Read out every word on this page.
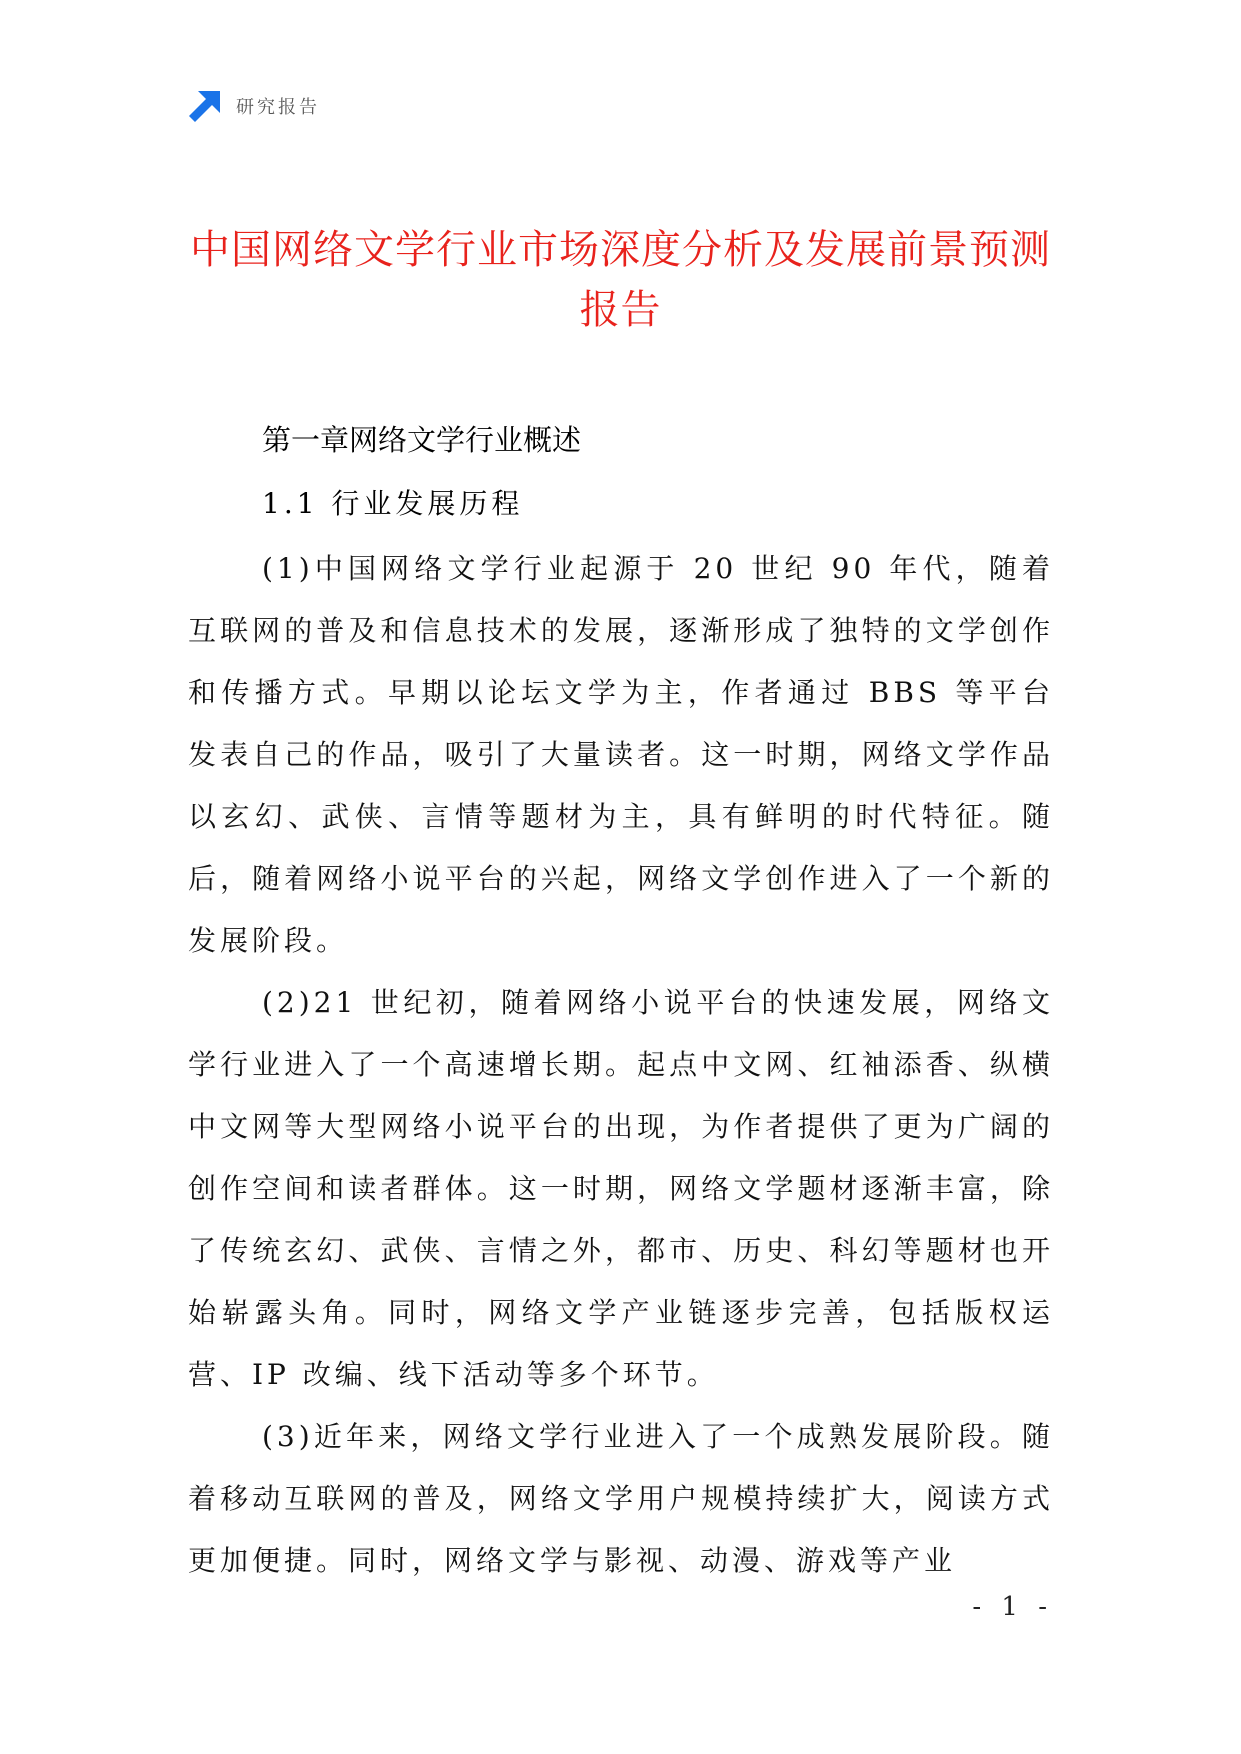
研究报告
中国网络文学行业市场深度分析及发展前景预测报告
第一章网络文学行业概述
1.1 行业发展历程

(1)中国网络文学行业起源于 20 世纪 90 年代，随着互联网的普及和信息技术的发展，逐渐形成了独特的文学创作和传播方式。早期以论坛文学为主，作者通过 BBS 等平台发表自己的作品，吸引了大量读者。这一时期，网络文学作品以玄幻、武侠、言情等题材为主，具有鲜明的时代特征。随后，随着网络小说平台的兴起，网络文学创作进入了一个新的发展阶段。

(2)21 世纪初，随着网络小说平台的快速发展，网络文学行业进入了一个高速增长期。起点中文网、红袖添香、纵横中文网等大型网络小说平台的出现，为作者提供了更为广阔的创作空间和读者群体。这一时期，网络文学题材逐渐丰富，除了传统玄幻、武侠、言情之外，都市、历史、科幻等题材也开始崭露头角。同时，网络文学产业链逐步完善，包括版权运营、IP 改编、线下活动等多个环节。

(3)近年来，网络文学行业进入了一个成熟发展阶段。随着移动互联网的普及，网络文学用户规模持续扩大，阅读方式更加便捷。同时，网络文学与影视、动漫、游戏等产业

- 1 -
